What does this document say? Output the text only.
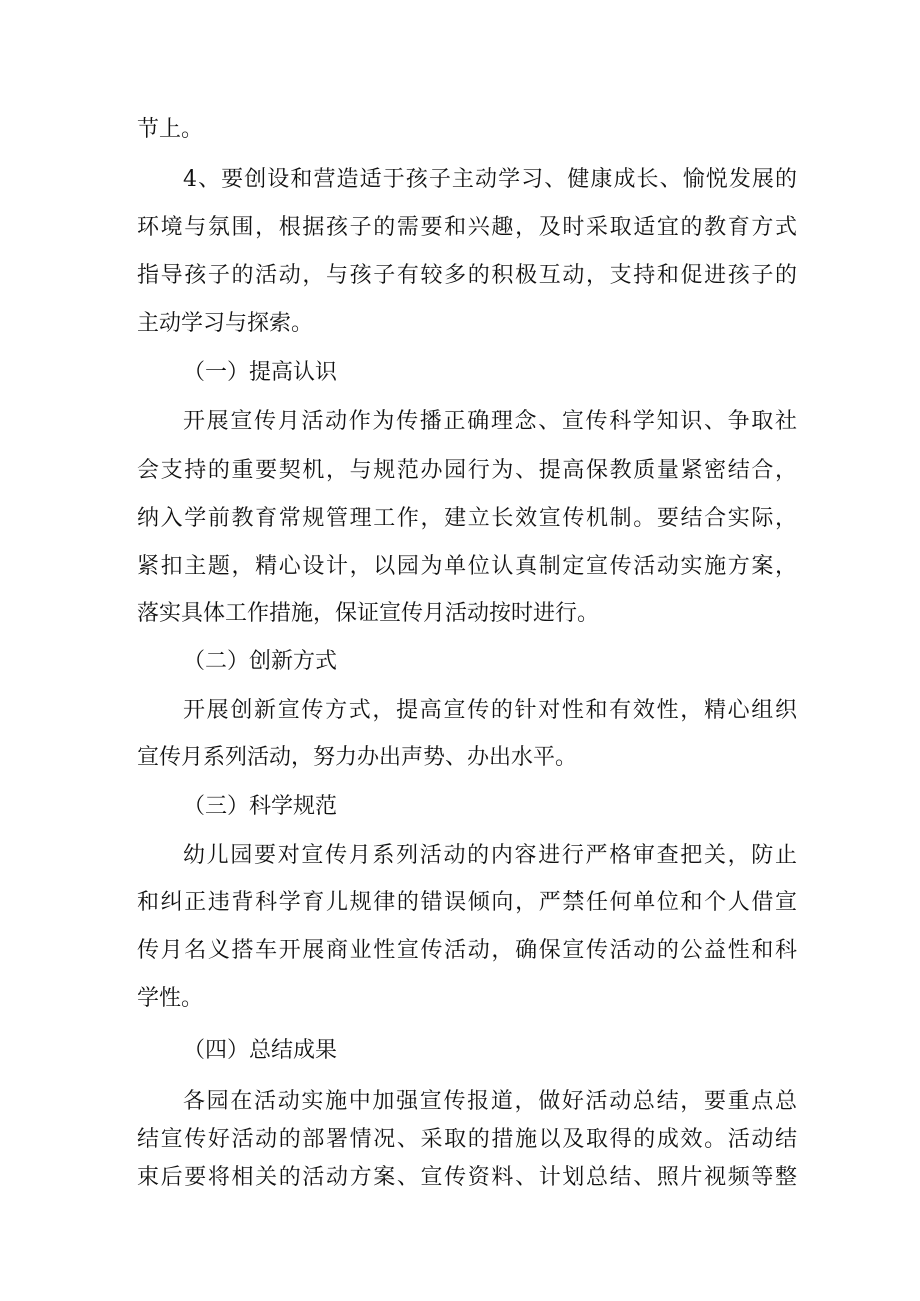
节上。
4、要创设和营造适于孩子主动学习、健康成长、愉悦发展的
环境与氛围，根据孩子的需要和兴趣，及时采取适宜的教育方式
指导孩子的活动，与孩子有较多的积极互动，支持和促进孩子的
主动学习与探索。
（一）提高认识
开展宣传月活动作为传播正确理念、宣传科学知识、争取社
会支持的重要契机，与规范办园行为、提高保教质量紧密结合，
纳入学前教育常规管理工作，建立长效宣传机制。要结合实际，
紧扣主题，精心设计，以园为单位认真制定宣传活动实施方案，
落实具体工作措施，保证宣传月活动按时进行。
（二）创新方式
开展创新宣传方式，提高宣传的针对性和有效性，精心组织
宣传月系列活动，努力办出声势、办出水平。
（三）科学规范
幼儿园要对宣传月系列活动的内容进行严格审查把关，防止
和纠正违背科学育儿规律的错误倾向，严禁任何单位和个人借宣
传月名义搭车开展商业性宣传活动，确保宣传活动的公益性和科
学性。
（四）总结成果
各园在活动实施中加强宣传报道，做好活动总结，要重点总
结宣传好活动的部署情况、采取的措施以及取得的成效。活动结
束后要将相关的活动方案、宣传资料、计划总结、照片视频等整
